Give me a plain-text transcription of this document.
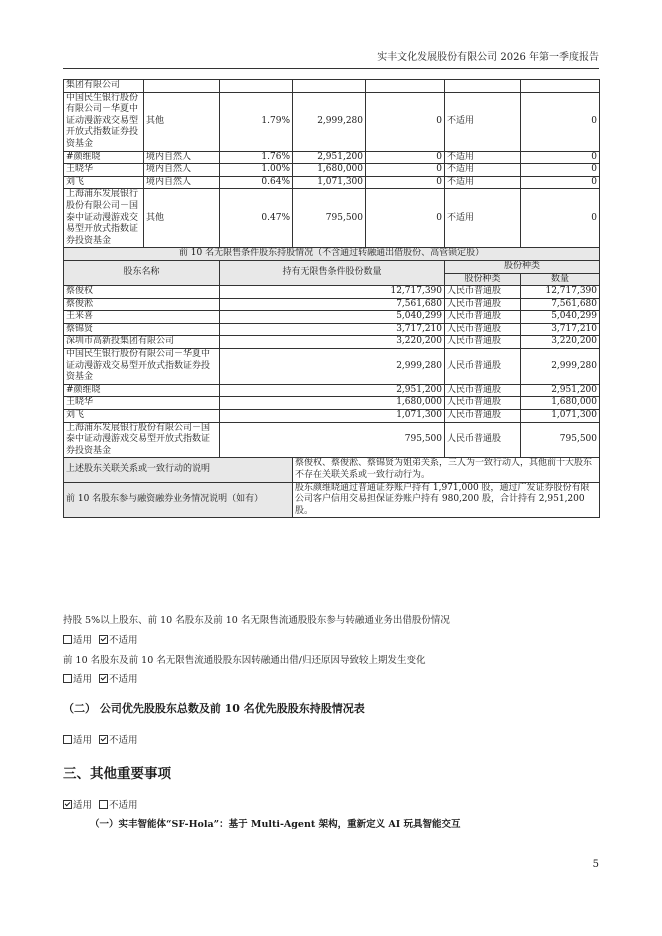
实丰文化发展股份有限公司 2026 年第一季度报告
集团有限公司						
中国民生银行股份有限公司－华夏中证动漫游戏交易型开放式指数证券投资基金	其他	1.79%	2,999,280	0	不适用	0
#颜维晓	境内自然人	1.76%	2,951,200	0	不适用	0
王晓华	境内自然人	1.00%	1,680,000	0	不适用	0
刘飞	境内自然人	0.64%	1,071,300	0	不适用	0
上海浦东发展银行股份有限公司－国泰中证动漫游戏交易型开放式指数证券投资基金	其他	0.47%	795,500	0	不适用	0
前 10 名无限售条件股东持股情况（不含通过转融通出借股份、高管锁定股）						
股东名称		持有无限售条件股份数量			股份种类	
					股份种类	数量
蔡俊权		12,717,390			人民币普通股	12,717,390
蔡俊淞		7,561,680			人民币普通股	7,561,680
王来喜		5,040,299			人民币普通股	5,040,299
蔡锦贤		3,717,210			人民币普通股	3,717,210
深圳市高新投集团有限公司		3,220,200			人民币普通股	3,220,200
中国民生银行股份有限公司－华夏中证动漫游戏交易型开放式指数证券投资基金		2,999,280			人民币普通股	2,999,280
#颜维晓		2,951,200			人民币普通股	2,951,200
王晓华		1,680,000			人民币普通股	1,680,000
刘飞		1,071,300			人民币普通股	1,071,300
上海浦东发展银行股份有限公司－国泰中证动漫游戏交易型开放式指数证券投资基金		795,500			人民币普通股	795,500
上述股东关联关系或一致行动的说明			蔡俊权、蔡俊淞、蔡锦贤为姐弟关系，三人为一致行动人，其他前十大股东不存在关联关系或一致行动行为。			
前 10 名股东参与融资融券业务情况说明（如有）			股东颜维晓通过普通证券账户持有 1,971,000 股，通过广发证券股份有限公司客户信用交易担保证券账户持有 980,200 股，合计持有 2,951,200 股。			
持股 5%以上股东、前 10 名股东及前 10 名无限售流通股股东参与转融通业务出借股份情况
适用 不适用
前 10 名股东及前 10 名无限售流通股股东因转融通出借/归还原因导致较上期发生变化
适用 不适用
（二） 公司优先股股东总数及前 10 名优先股股东持股情况表
适用 不适用
三、其他重要事项
适用 不适用
（一）实丰智能体“SF-Hola”：基于 Multi-Agent 架构，重新定义 AI 玩具智能交互
5
